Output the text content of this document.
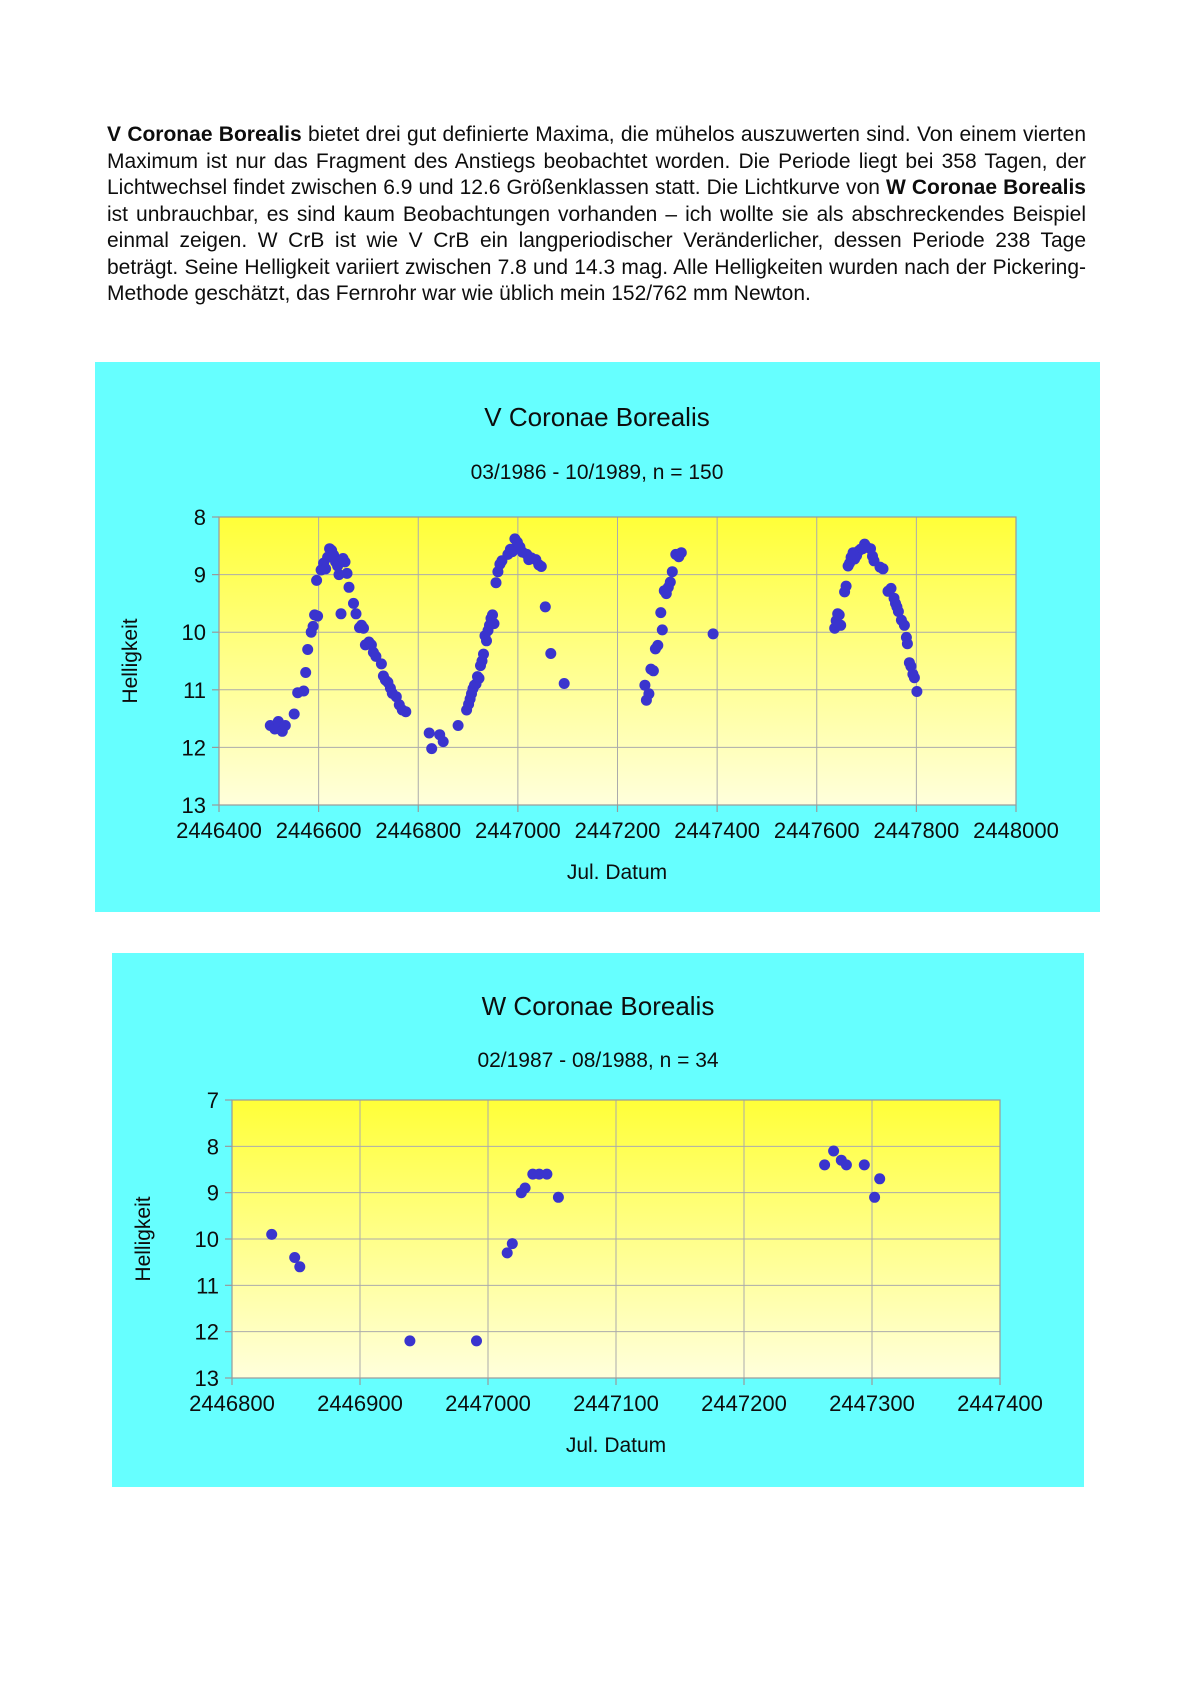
V Coronae Borealis bietet drei gut definierte Maxima, die mühelos auszuwerten sind. Von einem vierten Maximum ist nur das Fragment des Anstiegs beobachtet worden. Die Periode liegt bei 358 Tagen, der Lichtwechsel findet zwischen 6.9 und 12.6 Größenklassen statt. Die Lichtkurve von W Coronae Borealis ist unbrauchbar, es sind kaum Beobachtungen vorhanden – ich wollte sie als abschreckendes Beispiel einmal zeigen. W CrB ist wie V CrB ein langperiodischer Veränderlicher, dessen Periode 238 Tage beträgt. Seine Helligkeit variiert zwischen 7.8 und 14.3 mag. Alle Helligkeiten wurden nach der Pickering-Methode geschätzt, das Fernrohr war wie üblich mein 152/762 mm Newton.

8
9
10
11
12
13
2446400 2446600 2446800 2447000 2447200 2447400 2447600 2447800 2448000
V Coronae Borealis
03/1986 - 10/1989, n = 150
Helligkeit
Jul. Datum
7
8
9
10
11
12
13
2446800 2446900 2447000 2447100 2447200 2447300 2447400
W Coronae Borealis
02/1987 - 08/1988, n = 34
Helligkeit
Jul. Datum
